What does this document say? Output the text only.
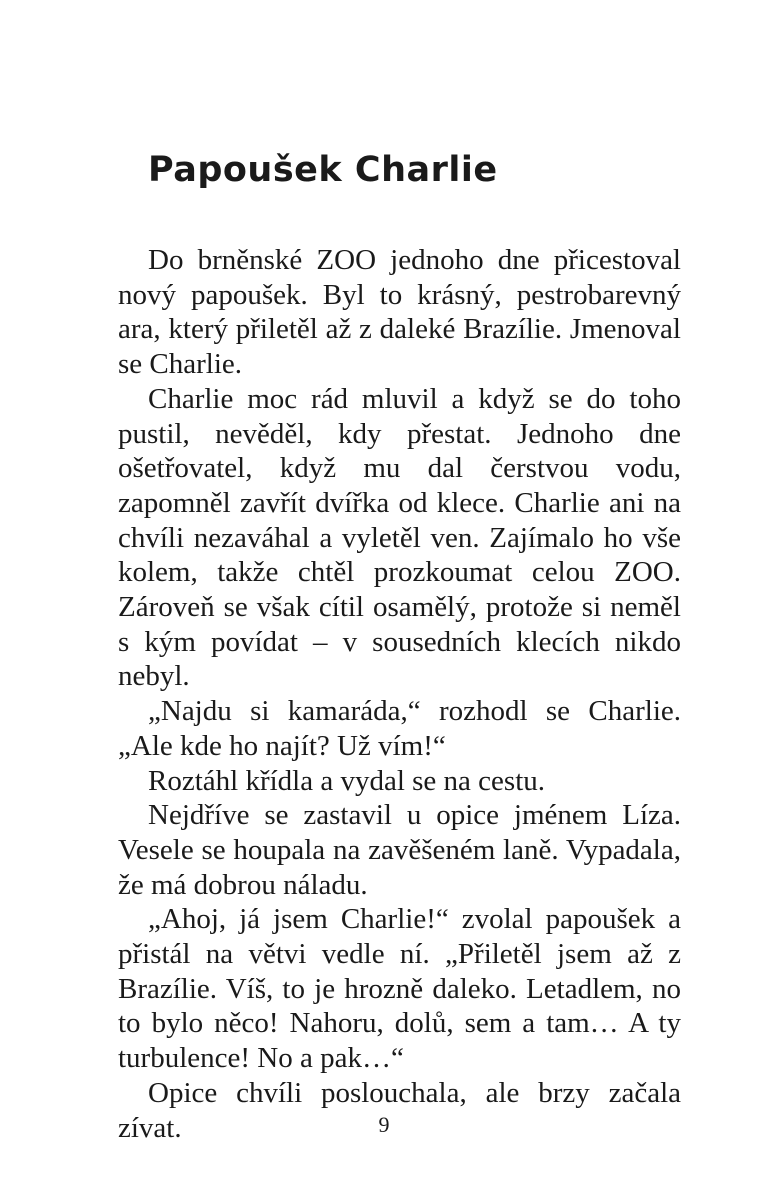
Papoušek Charlie

Do brněnské ZOO jednoho dne přicestoval nový papoušek. Byl to krásný, pestrobarevný ara, který přiletěl až z daleké Brazílie. Jmenoval se Charlie.

Charlie moc rád mluvil a když se do toho pustil, nevěděl, kdy přestat. Jednoho dne ošetřovatel, když mu dal čerstvou vodu, zapomněl zavřít dvířka od klece. Charlie ani na chvíli nezaváhal a vyletěl ven. Zajímalo ho vše kolem, takže chtěl prozkoumat celou ZOO. Zároveň se však cítil osamělý, protože si neměl s kým povídat – v sousedních klecích nikdo nebyl.

„Najdu si kamaráda,“ rozhodl se Charlie. „Ale kde ho najít? Už vím!“

Roztáhl křídla a vydal se na cestu.

Nejdříve se zastavil u opice jménem Líza. Vesele se houpala na zavěšeném laně. Vypadala, že má dobrou náladu.

„Ahoj, já jsem Charlie!“ zvolal papoušek a přistál na větvi vedle ní. „Přiletěl jsem až z Brazílie. Víš, to je hrozně daleko. Letadlem, no to bylo něco! Nahoru, dolů, sem a tam… A ty turbulence! No a pak…“

Opice chvíli poslouchala, ale brzy začala zívat.	9
